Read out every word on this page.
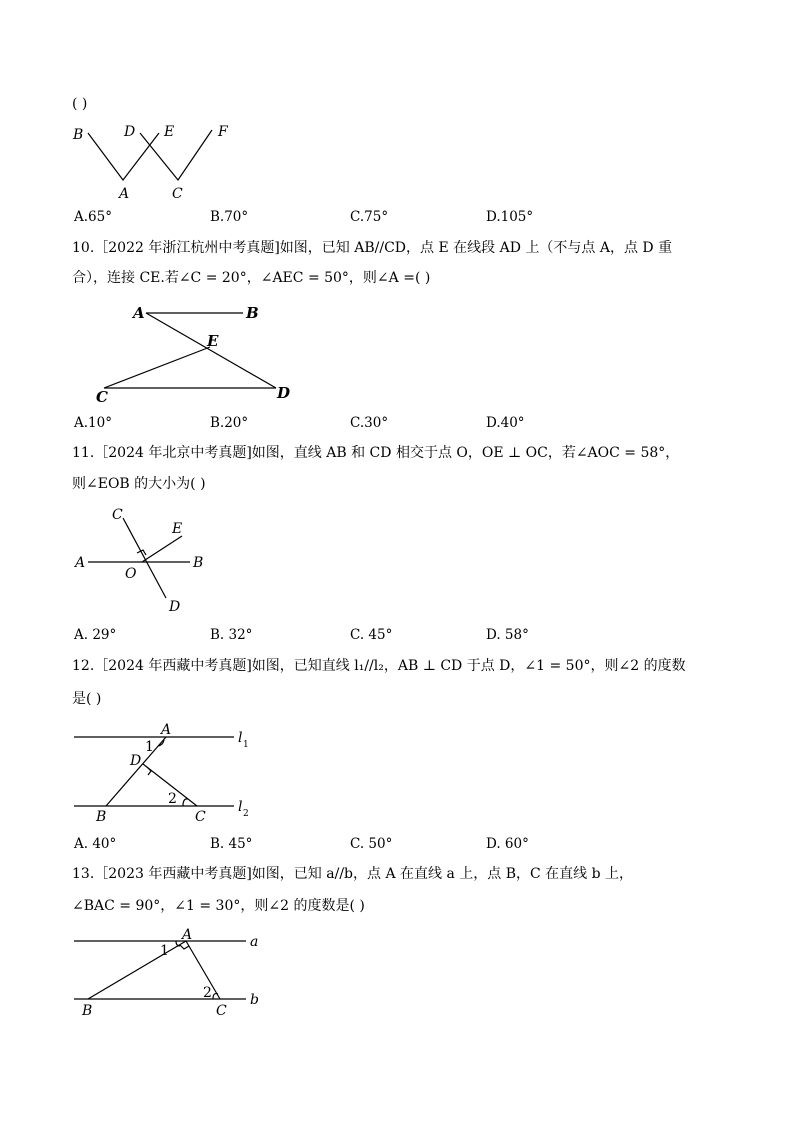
( )
B	D E	F
A	C
A.65°	B.70°	C.75°	D.105°
10.［2022 年浙江杭州中考真题]如图，已知 AB//CD，点 E 在线段 AD 上（不与点 A，点 D 重
合），连接 CE.若∠C = 20°，∠AEC = 50°，则∠A =( )
A	B
E
C	D
A.10°	B.20°	C.30°	D.40°
11.［2024 年北京中考真题]如图，直线 AB 和 CD 相交于点 O，OE ⊥ OC，若∠AOC = 58°，
则∠EOB 的大小为( )
C
E
A
O
B
D
A. 29°	B. 32°	C. 45°	D. 58°
12.［2024 年西藏中考真题]如图，已知直线 l₁//l₂，AB ⊥ CD 于点 D，∠1 = 50°，则∠2 的度数
是( )
A
1
l 1
D
2
B	C
l 2
A. 40°	B. 45°	C. 50°	D. 60°
13.［2023 年西藏中考真题]如图，已知 a//b，点 A 在直线 a 上，点 B，C 在直线 b 上，
∠BAC = 90°，∠1 = 30°，则∠2 的度数是( )
1
A	a
2
B	C
b
